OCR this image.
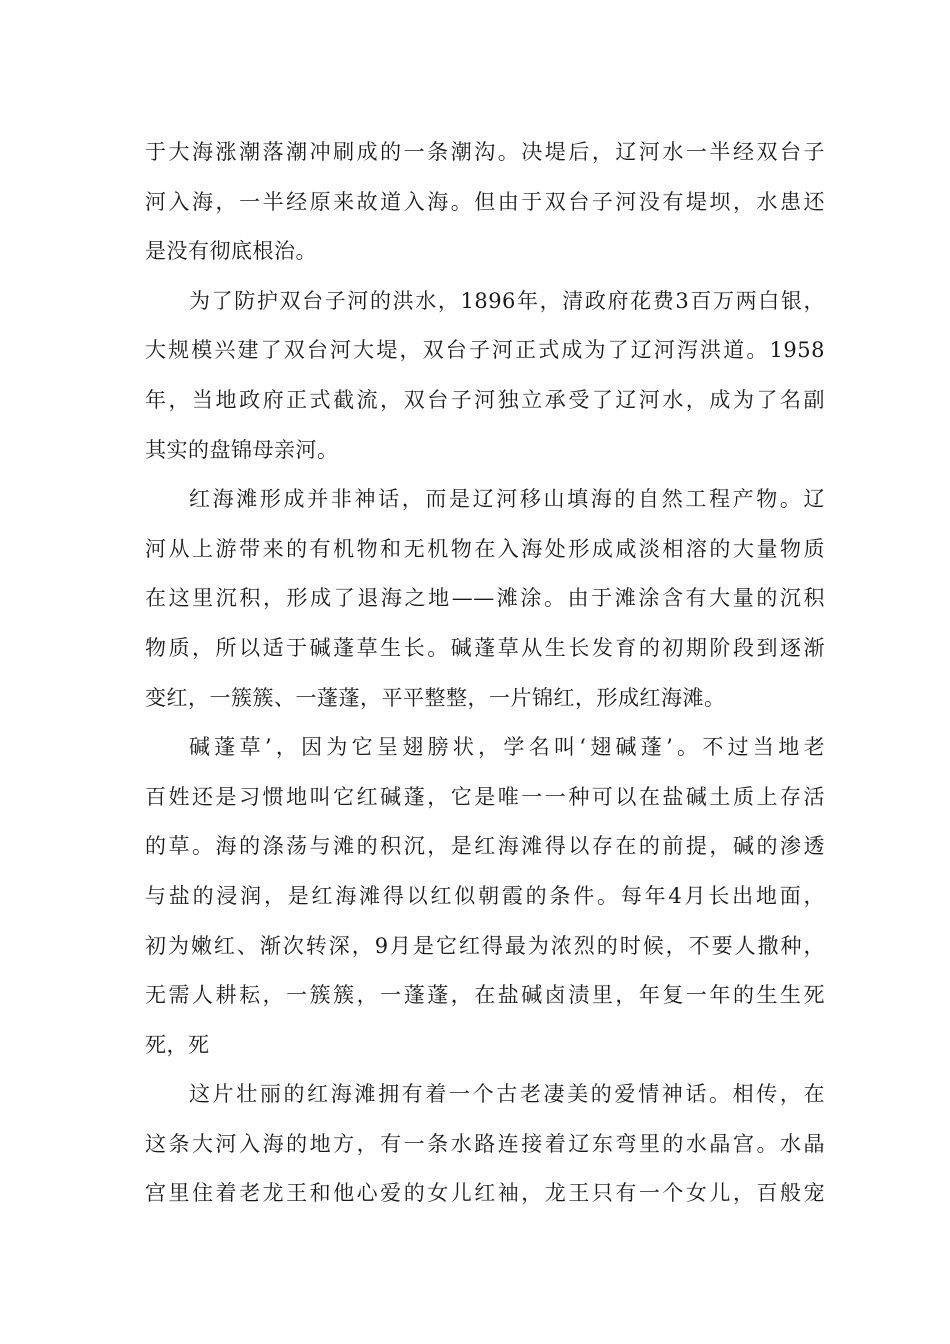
于大海涨潮落潮冲刷成的一条潮沟。决堤后，辽河水一半经双台子
河入海，一半经原来故道入海。但由于双台子河没有堤坝，水患还
是没有彻底根治。
为了防护双台子河的洪水，1896年，清政府花费3百万两白银，
大规模兴建了双台河大堤，双台子河正式成为了辽河泻洪道。1958
年，当地政府正式截流，双台子河独立承受了辽河水，成为了名副
其实的盘锦母亲河。
红海滩形成并非神话，而是辽河移山填海的自然工程产物。辽
河从上游带来的有机物和无机物在入海处形成咸淡相溶的大量物质
在这里沉积，形成了退海之地——滩涂。由于滩涂含有大量的沉积
物质，所以适于碱蓬草生长。碱蓬草从生长发育的初期阶段到逐渐
变红，一簇簇、一蓬蓬，平平整整，一片锦红，形成红海滩。
碱蓬草’，因为它呈翅膀状，学名叫‘翅碱蓬’。不过当地老
百姓还是习惯地叫它红碱蓬，它是唯一一种可以在盐碱土质上存活
的草。海的涤荡与滩的积沉，是红海滩得以存在的前提，碱的渗透
与盐的浸润，是红海滩得以红似朝霞的条件。每年4月长出地面，
初为嫩红、渐次转深，9月是它红得最为浓烈的时候，不要人撒种，
无需人耕耘，一簇簇，一蓬蓬，在盐碱卤渍里，年复一年的生生死
死，死
这片壮丽的红海滩拥有着一个古老凄美的爱情神话。相传，在
这条大河入海的地方，有一条水路连接着辽东弯里的水晶宫。水晶
宫里住着老龙王和他心爱的女儿红袖，龙王只有一个女儿，百般宠
